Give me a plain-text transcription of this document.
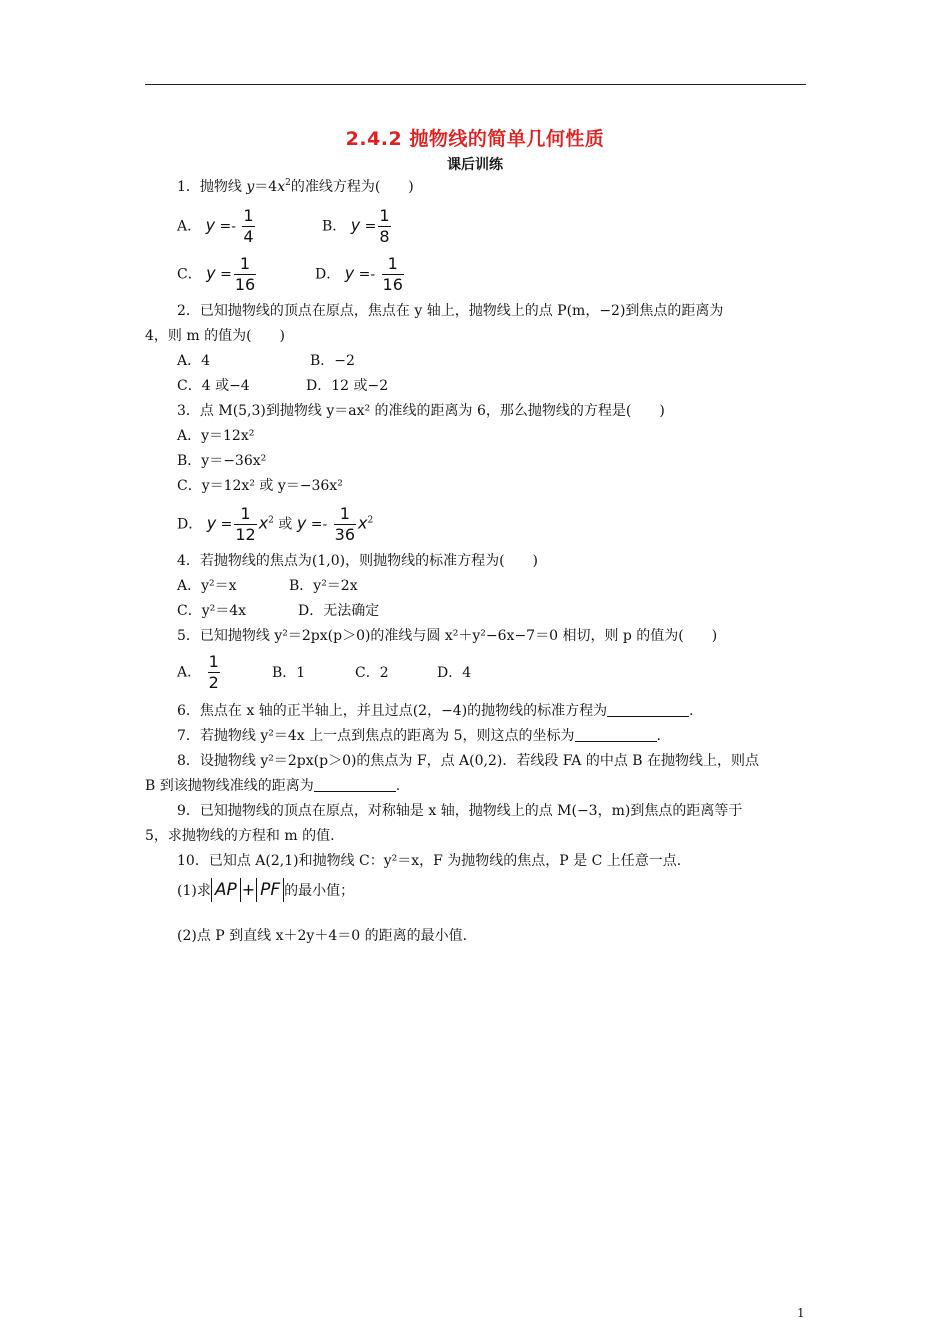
2.4.2 抛物线的简单几何性质
课后训练
1．抛物线 $y=4x^2$的准线方程为(　　)
A． $y =- \frac{1}{4}$	B． $y = \frac{1}{8}$
C． $y = \frac{1}{16}$	D． $y =- \frac{1}{16}$
2．已知抛物线的顶点在原点，焦点在 y 轴上，抛物线上的点 P(m，−2)到焦点的距离为
4，则 m 的值为(　　)
A．4	B．−2
C．4 或−4	D．12 或−2
3．点 M(5,3)到抛物线 y＝ax² 的准线的距离为 6，那么抛物线的方程是(　　)
A．y＝12x²
B．y＝−36x²
C．y＝12x² 或 y＝−36x²
D． $y = \frac{1}{12} x^2$ 或 $y =- \frac{1}{36} x^2$
4．若抛物线的焦点为(1,0)，则抛物线的标准方程为(　　)
A．y²＝x	B．y²＝2x
C．y²＝4x	D．无法确定
5．已知抛物线 y²＝2px(p＞0)的准线与圆 x²＋y²−6x−7＝0 相切，则 p 的值为(　　)
A． $\frac{1}{2}$	B．1	C．2	D．4
6．焦点在 x 轴的正半轴上，并且过点(2，−4)的抛物线的标准方程为	.
7．若抛物线 y²＝4x 上一点到焦点的距离为 5，则这点的坐标为	.
8．设抛物线 y²＝2px(p＞0)的焦点为 F，点 A(0,2)．若线段 FA 的中点 B 在抛物线上，则点
B 到该抛物线准线的距离为	.
9．已知抛物线的顶点在原点，对称轴是 x 轴，抛物线上的点 M(−3，m)到焦点的距离等于
5，求抛物线的方程和 m 的值.
10．已知点 A(2,1)和抛物线 C：y²＝x，F 为抛物线的焦点，P 是 C 上任意一点.
(1)求 AP + PF 的最小值；
(2)点 P 到直线 x＋2y＋4＝0 的距离的最小值.
1
